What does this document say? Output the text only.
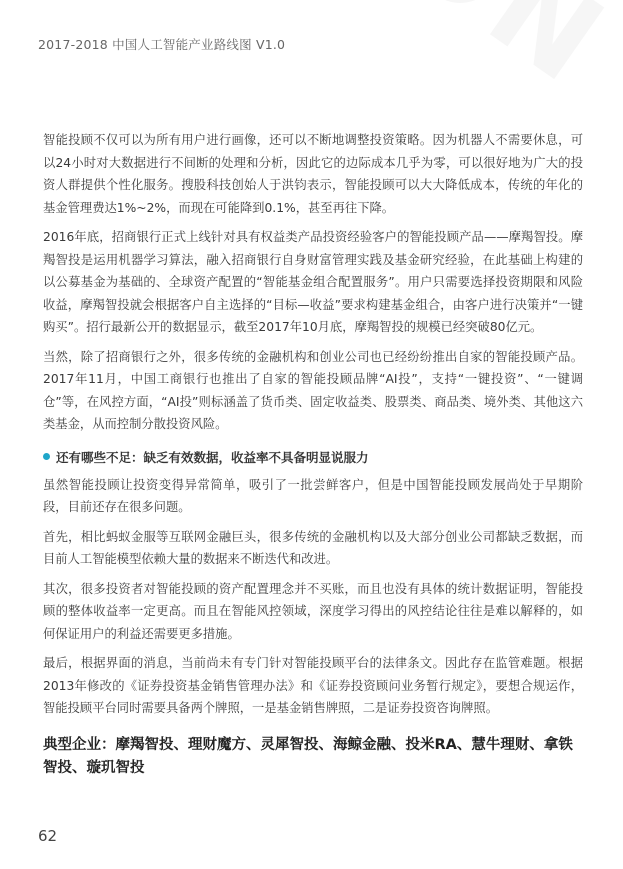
2017-2018 中国人工智能产业路线图 V1.0

智能投顾不仅可以为所有用户进行画像，还可以不断地调整投资策略。因为机器人不需要休息，可以24小时对大数据进行不间断的处理和分析，因此它的边际成本几乎为零，可以很好地为广大的投资人群提供个性化服务。搜股科技创始人于洪钧表示，智能投顾可以大大降低成本，传统的年化的基金管理费达1%~2%，而现在可能降到0.1%，甚至再往下降。

2016年底，招商银行正式上线针对具有权益类产品投资经验客户的智能投顾产品——摩羯智投。摩羯智投是运用机器学习算法，融入招商银行自身财富管理实践及基金研究经验，在此基础上构建的以公募基金为基础的、全球资产配置的“智能基金组合配置服务”。用户只需要选择投资期限和风险收益，摩羯智投就会根据客户自主选择的“目标—收益”要求构建基金组合，由客户进行决策并“一键购买”。招行最新公开的数据显示，截至2017年10月底，摩羯智投的规模已经突破80亿元。

当然，除了招商银行之外，很多传统的金融机构和创业公司也已经纷纷推出自家的智能投顾产品。2017年11月，中国工商银行也推出了自家的智能投顾品牌“AI投”，支持“一键投资”、“一键调仓”等，在风控方面，“AI投”则标涵盖了货币类、固定收益类、股票类、商品类、境外类、其他这六类基金，从而控制分散投资风险。

还有哪些不足：缺乏有效数据，收益率不具备明显说服力

虽然智能投顾让投资变得异常简单，吸引了一批尝鲜客户，但是中国智能投顾发展尚处于早期阶段，目前还存在很多问题。

首先，相比蚂蚁金服等互联网金融巨头，很多传统的金融机构以及大部分创业公司都缺乏数据，而目前人工智能模型依赖大量的数据来不断迭代和改进。

其次，很多投资者对智能投顾的资产配置理念并不买账，而且也没有具体的统计数据证明，智能投顾的整体收益率一定更高。而且在智能风控领域，深度学习得出的风控结论往往是难以解释的，如何保证用户的利益还需要更多措施。

最后，根据界面的消息，当前尚未有专门针对智能投顾平台的法律条文。因此存在监管难题。根据2013年修改的《证券投资基金销售管理办法》和《证券投资顾问业务暂行规定》，要想合规运作，智能投顾平台同时需要具备两个牌照，一是基金销售牌照，二是证券投资咨询牌照。

典型企业：摩羯智投、理财魔方、灵犀智投、海鲸金融、投米RA、慧牛理财、拿铁智投、璇玑智投
62
